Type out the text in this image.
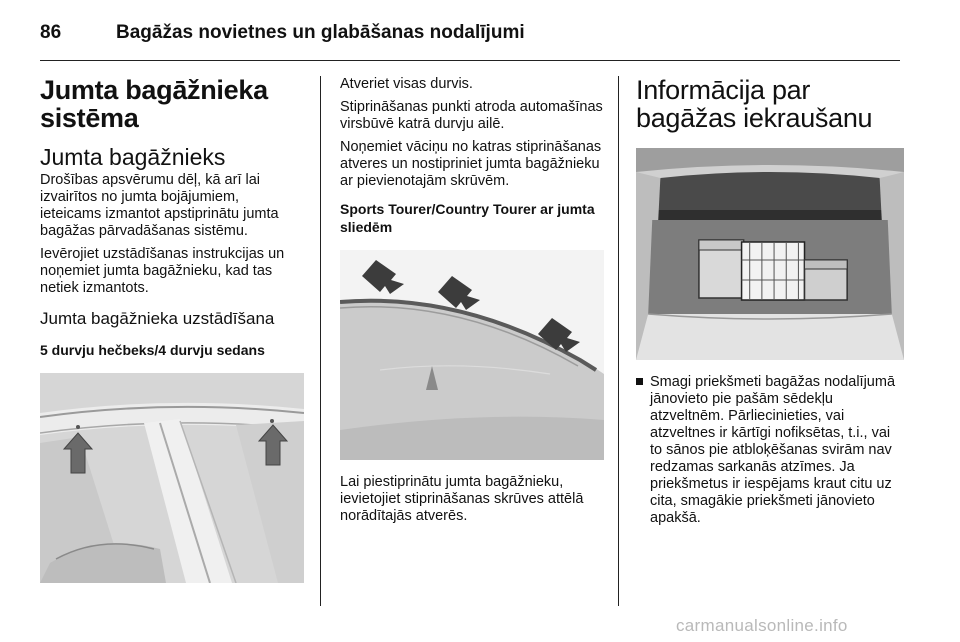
86	Bagāžas novietnes un glabāšanas nodalījumi
Jumta bagāžnieka sistēma
Jumta bagāžnieks

Drošības apsvērumu dēļ, kā arī lai izvairītos no jumta bojājumiem, ieteicams izmantot apstiprinātu jumta bagāžas pārvadāšanas sistēmu.

Ievērojiet uzstādīšanas instrukcijas un noņemiet jumta bagāžnieku, kad tas netiek izmantots.

Jumta bagāžnieka uzstādīšana
5 durvju hečbeks/4 durvju sedans

Atveriet visas durvis.

Stiprināšanas punkti atroda automašīnas virsbūvē katrā durvju ailē.

Noņemiet vāciņu no katras stiprināšanas atveres un nostipriniet jumta bagāžnieku ar pievienotajām skrūvēm.

Sports Tourer/Country Tourer ar jumta sliedēm

Lai piestiprinātu jumta bagāžnieku, ievietojiet stiprināšanas skrūves attēlā norādītajās atverēs.

Informācija par bagāžas iekraušanu
Smagi priekšmeti bagāžas nodalījumā jānovieto pie pašām sēdekļu atzveltnēm. Pārliecinieties, vai atzveltnes ir kārtīgi nofiksētas, t.i., vai to sānos pie atbloķēšanas svirām nav redzamas sarkanās atzīmes. Ja priekšmetus ir iespējams kraut citu uz cita, smagākie priekšmeti jānovieto apakšā.
carmanualsonline.info
